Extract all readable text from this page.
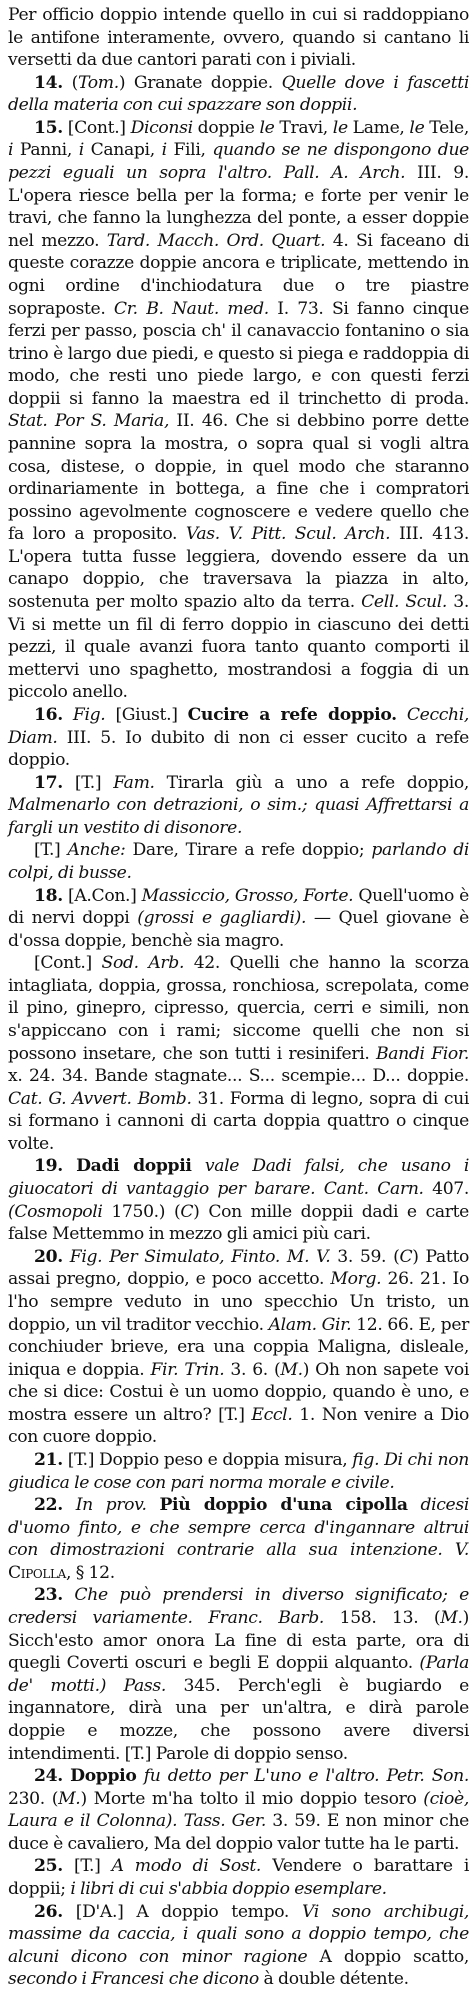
Per officio doppio intende quello in cui si raddoppiano le antifone interamente, ovvero, quando si cantano li versetti da due cantori parati con i piviali.

14. (Tom.) Granate doppie. Quelle dove i fascetti della materia con cui spazzare son doppii.

15. [Cont.] Diconsi doppie le Travi, le Lame, le Tele, i Panni, i Canapi, i Fili, quando se ne dispongono due pezzi eguali un sopra l'altro. Pall. A. Arch. III. 9. L'opera riesce bella per la forma; e forte per venir le travi, che fanno la lunghezza del ponte, a esser doppie nel mezzo. Tard. Macch. Ord. Quart. 4. Si faceano di queste corazze doppie ancora e triplicate, mettendo in ogni ordine d'inchiodatura due o tre piastre sopraposte. Cr. B. Naut. med. I. 73. Si fanno cinque ferzi per passo, poscia ch' il canavaccio fontanino o sia trino è largo due piedi, e questo si piega e raddoppia di modo, che resti uno piede largo, e con questi ferzi doppii si fanno la maestra ed il trinchetto di proda. Stat. Por S. Maria, II. 46. Che si debbino porre dette pannine sopra la mostra, o sopra qual si vogli altra cosa, distese, o doppie, in quel modo che staranno ordinariamente in bottega, a fine che i compratori possino agevolmente cognoscere e vedere quello che fa loro a proposito. Vas. V. Pitt. Scul. Arch. III. 413. L'opera tutta fusse leggiera, dovendo essere da un canapo doppio, che traversava la piazza in alto, sostenuta per molto spazio alto da terra. Cell. Scul. 3. Vi si mette un fil di ferro doppio in ciascuno dei detti pezzi, il quale avanzi fuora tanto quanto comporti il mettervi uno spaghetto, mostrandosi a foggia di un piccolo anello.

16. Fig. [Giust.] Cucire a refe doppio. Cecchi, Diam. III. 5. Io dubito di non ci esser cucito a refe doppio.

17. [T.] Fam. Tirarla giù a uno a refe doppio, Malmenarlo con detrazioni, o sim.; quasi Affrettarsi a fargli un vestito di disonore.

[T.] Anche: Dare, Tirare a refe doppio; parlando di colpi, di busse.

18. [A.Con.] Massiccio, Grosso, Forte. Quell'uomo è di nervi doppi (grossi e gagliardi). — Quel giovane è d'ossa doppie, benchè sia magro.

[Cont.] Sod. Arb. 42. Quelli che hanno la scorza intagliata, doppia, grossa, ronchiosa, screpolata, come il pino, ginepro, cipresso, quercia, cerri e simili, non s'appiccano con i rami; siccome quelli che non si possono insetare, che son tutti i resiniferi. Bandi Fior. x. 24. 34. Bande stagnate... S... scempie... D... doppie. Cat. G. Avvert. Bomb. 31. Forma di legno, sopra di cui si formano i cannoni di carta doppia quattro o cinque volte.

19. Dadi doppii vale Dadi falsi, che usano i giuocatori di vantaggio per barare. Cant. Carn. 407. (Cosmopoli 1750.) (C) Con mille doppii dadi e carte false Mettemmo in mezzo gli amici più cari.

20. Fig. Per Simulato, Finto. M. V. 3. 59. (C) Patto assai pregno, doppio, e poco accetto. Morg. 26. 21. Io l'ho sempre veduto in uno specchio Un tristo, un doppio, un vil traditor vecchio. Alam. Gir. 12. 66. E, per conchiuder brieve, era una coppia Maligna, disleale, iniqua e doppia. Fir. Trin. 3. 6. (M.) Oh non sapete voi che si dice: Costui è un uomo doppio, quando è uno, e mostra essere un altro? [T.] Eccl. 1. Non venire a Dio con cuore doppio.

21. [T.] Doppio peso e doppia misura, fig. Di chi non giudica le cose con pari norma morale e civile.

22. In prov. Più doppio d'una cipolla dicesi d'uomo finto, e che sempre cerca d'ingannare altrui con dimostrazioni contrarie alla sua intenzione. V. Cipolla, § 12.

23. Che può prendersi in diverso significato; e credersi variamente. Franc. Barb. 158. 13. (M.) Sicch'esto amor onora La fine di esta parte, ora di quegli Coverti oscuri e begli E doppii alquanto. (Parla de' motti.) Pass. 345. Perch'egli è bugiardo e ingannatore, dirà una per un'altra, e dirà parole doppie e mozze, che possono avere diversi intendimenti. [T.] Parole di doppio senso.

24. Doppio fu detto per L'uno e l'altro. Petr. Son. 230. (M.) Morte m'ha tolto il mio doppio tesoro (cioè, Laura e il Colonna). Tass. Ger. 3. 59. E non minor che duce è cavaliero, Ma del doppio valor tutte ha le parti.

25. [T.] A modo di Sost. Vendere o barattare i doppii; i libri di cui s'abbia doppio esemplare.

26. [D'A.] A doppio tempo. Vi sono archibugi, massime da caccia, i quali sono a doppio tempo, che alcuni dicono con minor ragione A doppio scatto, secondo i Francesi che dicono à double détente.
